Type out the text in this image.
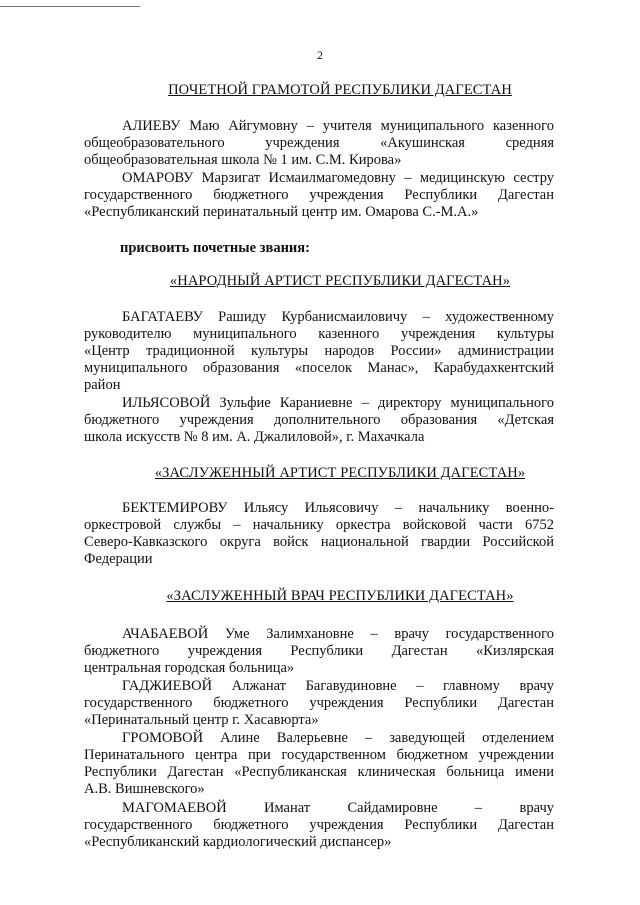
2
ПОЧЕТНОЙ ГРАМОТОЙ РЕСПУБЛИКИ ДАГЕСТАН
АЛИЕВУ Маю Айгумовну – учителя муниципального казенного
общеобразовательного учреждения «Акушинская средняя
общеобразовательная школа № 1 им. С.М. Кирова»
ОМАРОВУ Марзигат Исмаилмагомедовну – медицинскую сестру
государственного бюджетного учреждения Республики Дагестан
«Республиканский перинатальный центр им. Омарова С.-М.А.»
присвоить почетные звания:
«НАРОДНЫЙ АРТИСТ РЕСПУБЛИКИ ДАГЕСТАН»
БАГАТАЕВУ Рашиду Курбанисмаиловичу – художественному
руководителю муниципального казенного учреждения культуры
«Центр традиционной культуры народов России» администрации
муниципального образования «поселок Манас», Карабудахкентский
район
ИЛЬЯСОВОЙ Зульфие Караниевне – директору муниципального
бюджетного учреждения дополнительного образования «Детская
школа искусств № 8 им. А. Джалиловой», г. Махачкала
«ЗАСЛУЖЕННЫЙ АРТИСТ РЕСПУБЛИКИ ДАГЕСТАН»
БЕКТЕМИРОВУ Ильясу Ильясовичу – начальнику военно-
оркестровой службы – начальнику оркестра войсковой части 6752
Северо-Кавказского округа войск национальной гвардии Российской
Федерации
«ЗАСЛУЖЕННЫЙ ВРАЧ РЕСПУБЛИКИ ДАГЕСТАН»
АЧАБАЕВОЙ Уме Залимхановне – врачу государственного
бюджетного учреждения Республики Дагестан «Кизлярская
центральная городская больница»
ГАДЖИЕВОЙ Алжанат Багавудиновне – главному врачу
государственного бюджетного учреждения Республики Дагестан
«Перинатальный центр г. Хасавюрта»
ГРОМОВОЙ Алине Валерьевне – заведующей отделением
Перинатального центра при государственном бюджетном учреждении
Республики Дагестан «Республиканская клиническая больница имени
А.В. Вишневского»
МАГОМАЕВОЙ Иманат Сайдамировне – врачу
государственного бюджетного учреждения Республики Дагестан
«Республиканский кардиологический диспансер»
